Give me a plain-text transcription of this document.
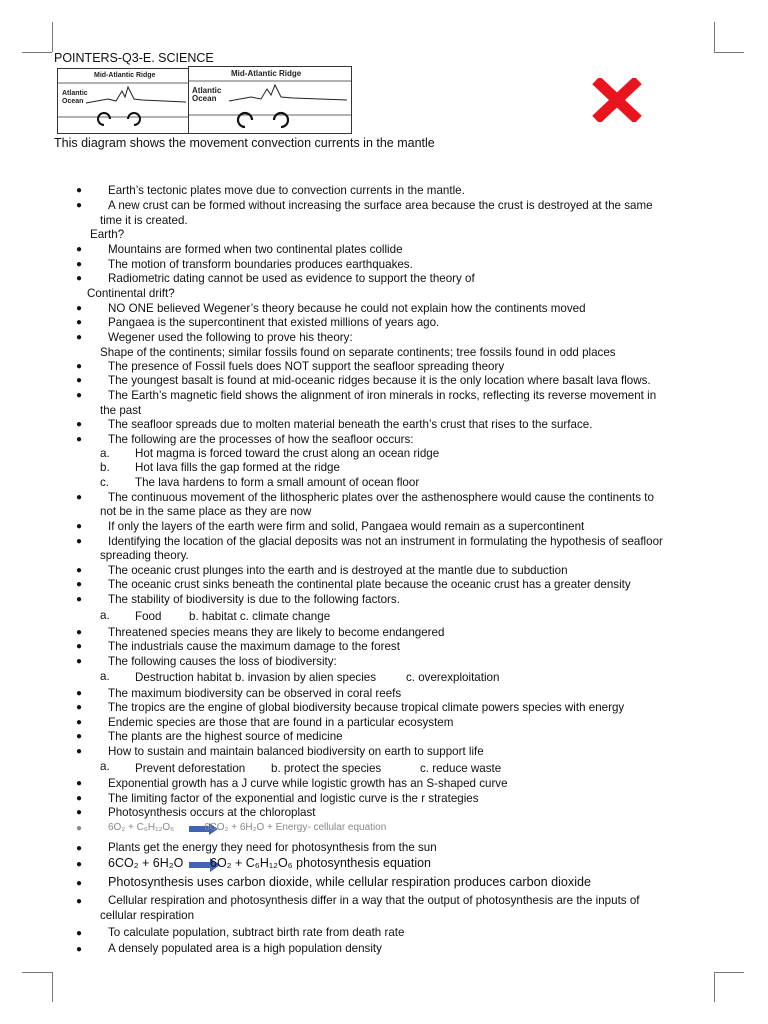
POINTERS-Q3-E. SCIENCE
Mid-Atlantic Ridge
Atlantic
Ocean
Mid-Atlantic Ridge
Atlantic
Ocean
This diagram shows the movement convection currents in the mantle
● Earth’s tectonic plates move due to convection currents in the mantle.
● A new crust can be formed without increasing the surface area because the crust is destroyed at the same
time it is created.
Earth?
● Mountains are formed when two continental plates collide
● The motion of transform boundaries produces earthquakes.
● Radiometric dating cannot be used as evidence to support the theory of
Continental drift?
● NO ONE believed Wegener’s theory because he could not explain how the continents moved
● Pangaea is the supercontinent that existed millions of years ago.
● Wegener used the following to prove his theory:
Shape of the continents; similar fossils found on separate continents; tree fossils found in odd places
● The presence of Fossil fuels does NOT support the seafloor spreading theory
● The youngest basalt is found at mid-oceanic ridges because it is the only location where basalt lava flows.
● The Earth’s magnetic field shows the alignment of iron minerals in rocks, reflecting its reverse movement in
the past
● The seafloor spreads due to molten material beneath the earth’s crust that rises to the surface.
● The following are the processes of how the seafloor occurs:
a. Hot magma is forced toward the crust along an ocean ridge
b. Hot lava fills the gap formed at the ridge
c. The lava hardens to form a small amount of ocean floor
● The continuous movement of the lithospheric plates over the asthenosphere would cause the continents to
not be in the same place as they are now
● If only the layers of the earth were firm and solid, Pangaea would remain as a supercontinent
● Identifying the location of the glacial deposits was not an instrument in formulating the hypothesis of seafloor
spreading theory.
● The oceanic crust plunges into the earth and is destroyed at the mantle due to subduction
● The oceanic crust sinks beneath the continental plate because the oceanic crust has a greater density
● The stability of biodiversity is due to the following factors.
a. Food b. habitat c. climate change
● Threatened species means they are likely to become endangered
● The industrials cause the maximum damage to the forest
● The following causes the loss of biodiversity:
a. Destruction habitat b. invasion by alien species	c. overexploitation
● The maximum biodiversity can be observed in coral reefs
● The tropics are the engine of global biodiversity because tropical climate powers species with energy
● Endemic species are those that are found in a particular ecosystem
● The plants are the highest source of medicine
● How to sustain and maintain balanced biodiversity on earth to support life
a. Prevent deforestation b. protect the species	c. reduce waste
● Exponential growth has a J curve while logistic growth has an S-shaped curve
● The limiting factor of the exponential and logistic curve is the r strategies
● Photosynthesis occurs at the chloroplast
●	6O₂ + C₆H₁₂O₆	6CO₂ + 6H₂O + Energy- cellular equation
● Plants get the energy they need for photosynthesis from the sun
● 6CO₂ + 6H₂O 6O₂ + C₆H₁₂O₆ photosynthesis equation
● Photosynthesis uses carbon dioxide, while cellular respiration produces carbon dioxide
● Cellular respiration and photosynthesis differ in a way that the output of photosynthesis are the inputs of
cellular respiration
● To calculate population, subtract birth rate from death rate
● A densely populated area is a high population density
